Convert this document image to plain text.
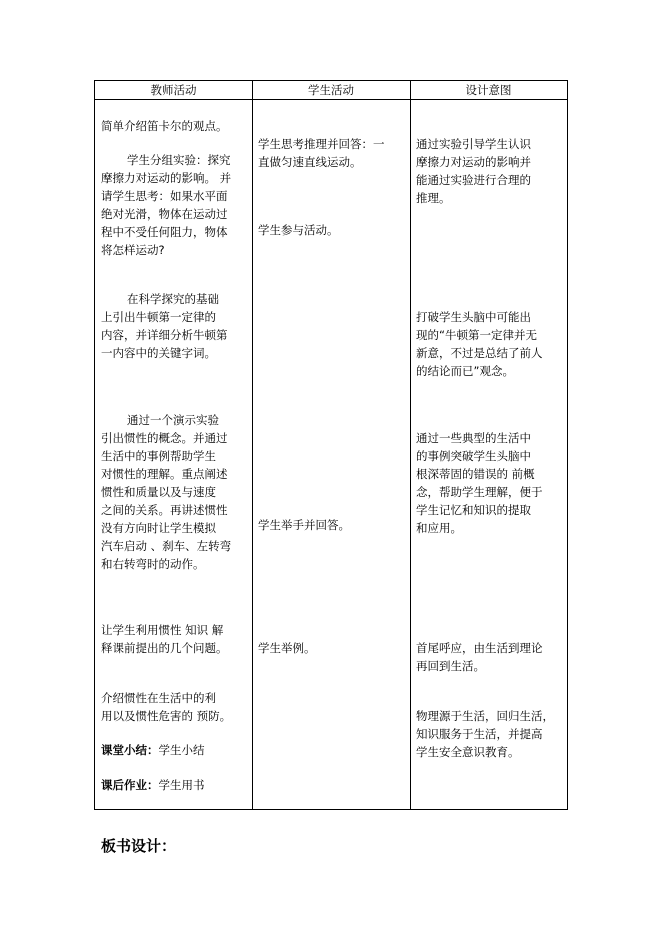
教师活动	学生活动	设计意图
简单介绍笛卡尔的观点。
学生分组实验：探究
摩擦力对运动的影响。 并
请学生思考：如果水平面
绝对光滑，物体在运动过
程中不受任何阻力，物体
将怎样运动?
在科学探究的基础
上引出牛顿第一定律的
内容，并详细分析牛顿第
一内容中的关键字词。
通过一个演示实验
引出惯性的概念。并通过
生活中的事例帮助学生
对惯性的理解。重点阐述
惯性和质量以及与速度
之间的关系。再讲述惯性
没有方向时让学生模拟
汽车启动 、刹车、左转弯
和右转弯时的动作。
让学生利用惯性 知识 解
释课前提出的几个问题。
介绍惯性在生活中的利
用以及惯性危害的 预防。
课堂小结：学生小结
课后作业：学生用书
学生思考推理并回答：一
直做匀速直线运动。
学生参与活动。
学生举手并回答。
学生举例。
通过实验引导学生认识
摩擦力对运动的影响并
能通过实验进行合理的
推理。
打破学生头脑中可能出
现的“牛顿第一定律并无
新意，不过是总结了前人
的结论而已”观念。
通过一些典型的生活中
的事例突破学生头脑中
根深蒂固的错误的 前概
念，帮助学生理解，便于
学生记忆和知识的提取
和应用。
首尾呼应，由生活到理论
再回到生活。
物理源于生活，回归生活，
知识服务于生活，并提高
学生安全意识教育。
板书设计：
